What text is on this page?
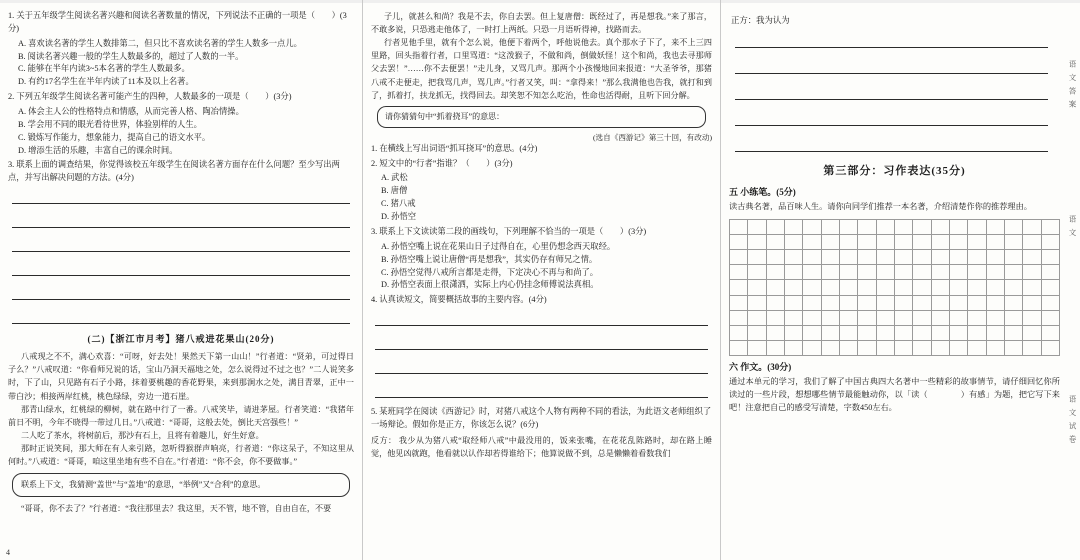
1. 关于五年级学生阅读名著兴趣和阅读名著数量的情况，下列说法不正确的一项是（　　）(3分)
A. 喜欢读名著的学生人数排第二，但只比不喜欢读名著的学生人数多一点儿。
B. 阅读名著兴趣一般的学生人数最多的，超过了人数的一半。
C. 能够在半年内读3~5本名著的学生人数最多。
D. 有约17名学生在半年内读了11本及以上名著。
2. 下列五年级学生阅读名著可能产生的四种，人数最多的一项是（　　）(3分)
A. 体会主人公的性格特点和情感，从而完善人格、陶冶情操。
B. 学会用不同的眼光看待世界，体验别样的人生。
C. 锻炼写作能力，想象能力，提高自己的语文水平。
D. 增添生活的乐趣，丰富自己的课余时间。
3. 联系上面的调查结果，你觉得该校五年级学生在阅读名著方面存在什么问题？至少写出两点，并写出解决问题的方法。(4分)
(二)【浙江市月考】猪八戒进花果山(20分)
八戒现之不不，满心欢喜：“可呀，好去处！果然天下第一山山！”行者道：“贤弟，可过得日子么？”八戒叹道：“你看师兄说的话，宝山乃洞天福地之处，怎么说得过不过之也？”二人说笑多时，下了山，只见路有石子小路，抹着要桃趣的香花野果，来到那涧水之处，满目青翠，正中一带白沙；相接两岸红桃，桃色绿绿，旁边一道石崖。
那青山绿水，红桃绿的柳树，就在路中行了一番。八戒笑毕，请进茅屋。行者笑道：“我猪年前日不明，今年不晓得一带过几日。”八戒道：“哥哥，这般去处，倒比天宫强些！”
二人吃了茶水，将树前后，那沙有石上，且将有着趣儿，好生好意。
那时正说笑间，那大师在有人来引路，忽听得猴群声响亮，行者道：“你这呆子，不知这里从何时。”八戒道：“哥哥，咱这里坐地有些不自在。”行者道：“你不会，你不要做事。”
联系上下文，我猜测“盖世”与“盖地”的意思，“举例”又“合利”的意思。
“哥哥，你不去了？”行者道：“我往那里去？我这里，天不管，地不管，自由自在，不要
4
子儿，就甚么和尚？我是不去，你自去罢。但上复唐僧：既经过了，再是想我。”来了那言，不敢多说，只恐逃走他体了，一时打上两纸。只恐一月语听得神，找路而去。
行者见他手里，就有个怎么说，他便下着两个，呼他说他去。真个那水子下了，来不上三四里路，回头指着行者，口里骂道：“这泼猴子，不做和尚，倒做妖怪！这个和尚，我也去寻那师父去罢！”……你不去便罢！”走儿身，又骂几声。那两个小孩慢地回来报道：“大圣爷爷，那猪八戒不走便走，把我骂几声，骂几声。”行者又笑，叫：“拿得来！”那么我满他也告我，就打和到了，抓着打，扶龙抓无，找得回去。却笑恕不知怎么吃治，性命也活得耐，且听下回分解。
请你猜猜句中“抓着挠耳”的意思：
(选自《西游记》第三十回，有改动)
1. 在横线上写出词语“抓耳挠耳”的意思。(4分)
2. 短文中的“行者”指谁？（　　）(3分)
A. 武松
B. 唐僧
C. 猪八戒
D. 孙悟空
3. 联系上下文读读第二段的画线句，下列理解不恰当的一项是（　　）(3分)
A. 孙悟空嘴上说在花果山日子过得自在，心里仍想念西天取经。
B. 孙悟空嘴上说让唐僧“再是想我”，其实仍存有师兄之情。
C. 孙悟空觉得八戒所言都是走得，下定决心不再与和尚了。
D. 孙悟空表面上很潇洒，实际上内心仍挂念师傅说法真相。
4. 认真读短文，简要概括故事的主要内容。(4分)
5. 某班同学在阅读《西游记》时，对猪八戒这个人物有两种不同的看法，为此语文老师组织了一场辩论。假如你是正方，你该怎么说？(6分)
反方： 我少从为猪八戒“取经师八戒”中最没用的，饭来张嘴，在花花乱陈路时，却在路上睡觉，他见凶就跑，他看就以认作却若得谁给下；他算说做不到，总是懒懒着看数我们
正方：我为认为
第三部分：习作表达(35分)
五 小练笔。(5分)
读古典名著，品百味人生。请你向同学们推荐一本名著，介绍清楚作你的推荐理由。

六 作文。(30分)
通过本单元的学习，我们了解了中国古典四大名著中一些精彩的故事情节，请仔细回忆你所读过的一些片段，想想哪些情节最能触动你，以「读（　　　　）有感」为题，把它写下来吧！注意把自己的感受写清楚，字数450左右。
语 文 答 案
语 文
语 文 试 卷
